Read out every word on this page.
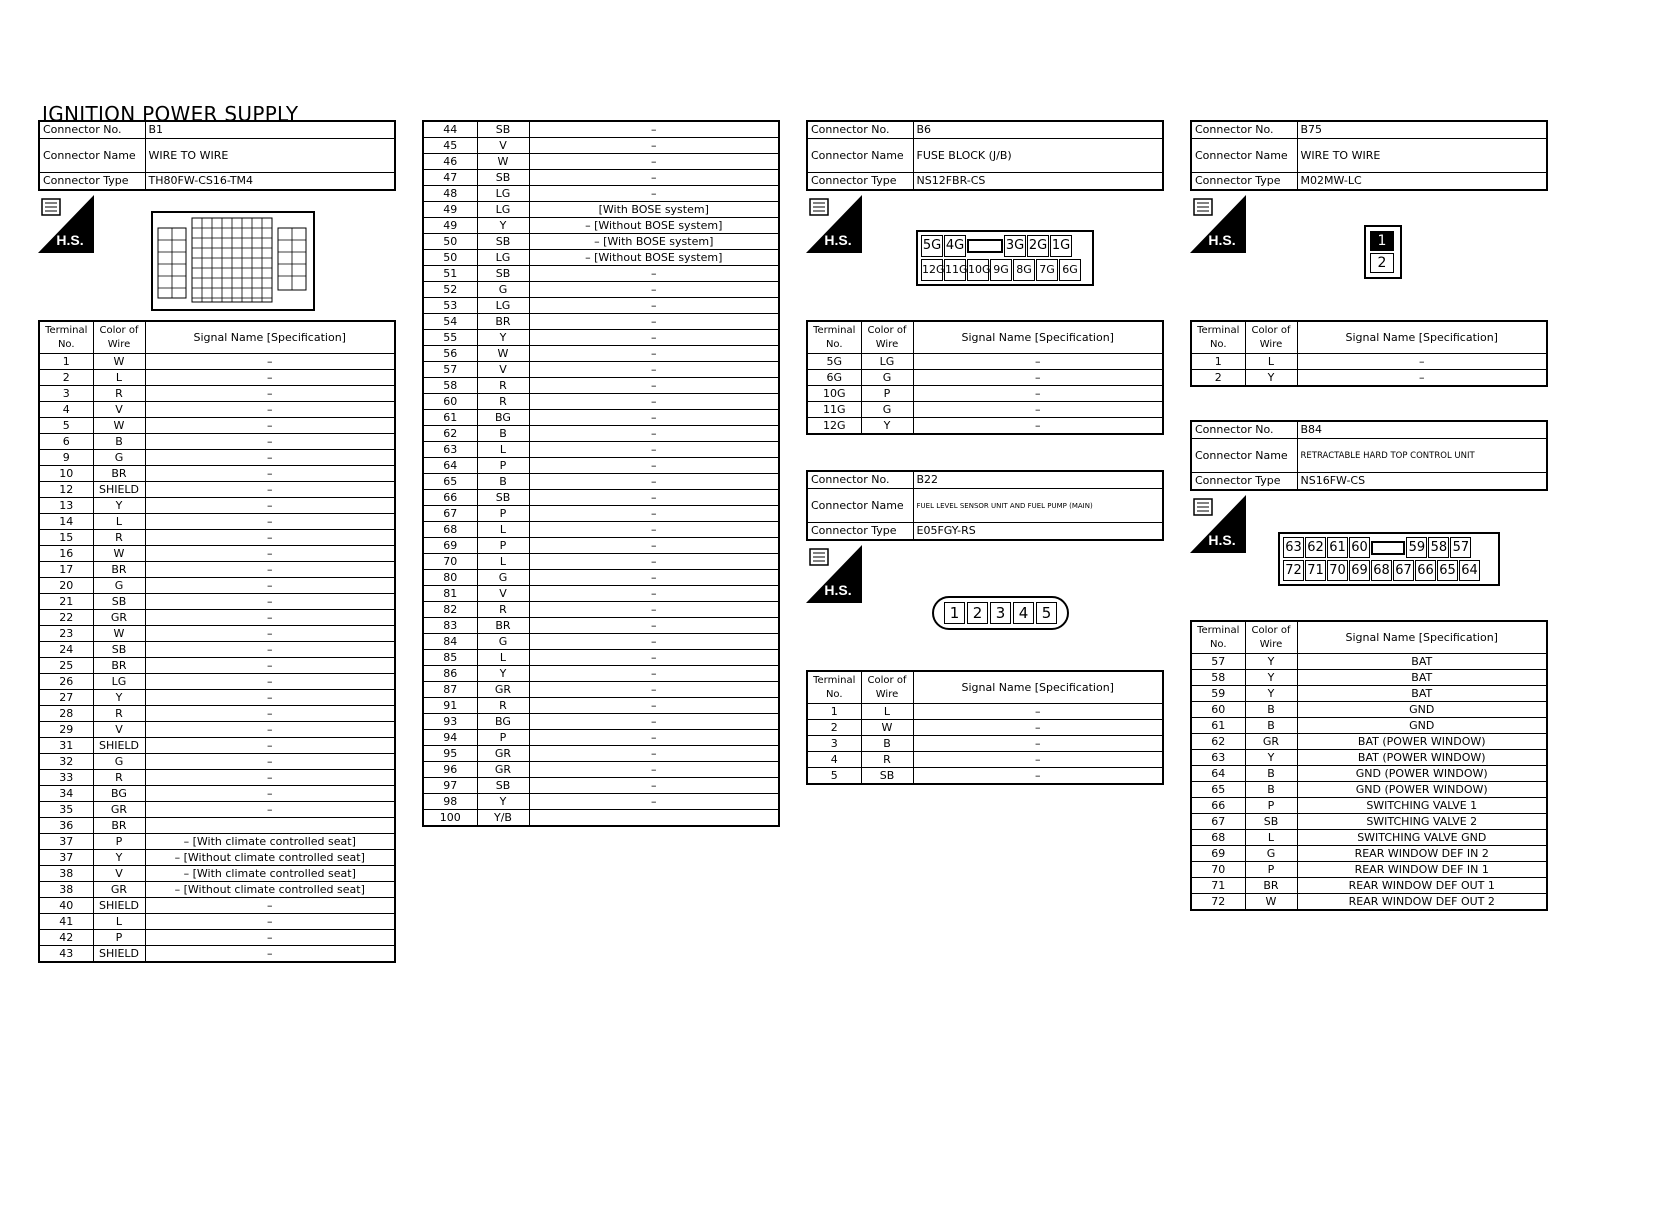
IGNITION POWER SUPPLY
Connector No.	B1
Connector Name	WIRE TO WIRE
Connector Type	TH80FW-CS16-TM4
H.S.
Terminal No.	Color of Wire	Signal Name [Specification]
1	W	–
2	L	–
3	R	–
4	V	–
5	W	–
6	B	–
9	G	–
10	BR	–
12	SHIELD	–
13	Y	–
14	L	–
15	R	–
16	W	–
17	BR	–
20	G	–
21	SB	–
22	GR	–
23	W	–
24	SB	–
25	BR	–
26	LG	–
27	Y	–
28	R	–
29	V	–
31	SHIELD	–
32	G	–
33	R	–
34	BG	–
35	GR	–
36	BR	
37	P	– [With climate controlled seat]
37	Y	– [Without climate controlled seat]
38	V	– [With climate controlled seat]
38	GR	– [Without climate controlled seat]
40	SHIELD	–
41	L	–
42	P	–
43	SHIELD	–
44	SB	–
45	V	–
46	W	–
47	SB	–
48	LG	–
49	LG	[With BOSE system]
49	Y	– [Without BOSE system]
50	SB	– [With BOSE system]
50	LG	– [Without BOSE system]
51	SB	–
52	G	–
53	LG	–
54	BR	–
55	Y	–
56	W	–
57	V	–
58	R	–
60	R	–
61	BG	–
62	B	–
63	L	–
64	P	–
65	B	–
66	SB	–
67	P	–
68	L	–
69	P	–
70	L	–
80	G	–
81	V	–
82	R	–
83	BR	–
84	G	–
85	L	–
86	Y	–
87	GR	–
91	R	–
93	BG	–
94	P	–
95	GR	–
96	GR	–
97	SB	–
98	Y	–
100	Y/B	
Connector No.	B6
Connector Name	FUSE BLOCK (J/B)
Connector Type	NS12FBR-CS
H.S.	5G 4G	3G 2G 1G
12G 11G 10G 9G 8G 7G 6G
Terminal No.	Color of Wire	Signal Name [Specification]
5G	LG	–
6G	G	–
10G	P	–
11G	G	–
12G	Y	–
Connector No.	B22
Connector Name	FUEL LEVEL SENSOR UNIT AND FUEL PUMP (MAIN)
Connector Type	E05FGY-RS
H.S.
1 2 3 4 5
Terminal No.	Color of Wire	Signal Name [Specification]
1	L	–
2	W	–
3	B	–
4	R	–
5	SB	–
Connector No.	B75
Connector Name	WIRE TO WIRE
Connector Type	M02MW-LC
H.S.	1
2
Terminal No.	Color of Wire	Signal Name [Specification]
1	L	–
2	Y	–
Connector No.	B84
Connector Name	RETRACTABLE HARD TOP CONTROL UNIT
Connector Type	NS16FW-CS
H.S.	63 62 61 60	59 58 57
72 71 70 69 68 67 66 65 64
Terminal No.	Color of Wire	Signal Name [Specification]
57	Y	BAT
58	Y	BAT
59	Y	BAT
60	B	GND
61	B	GND
62	GR	BAT (POWER WINDOW)
63	Y	BAT (POWER WINDOW)
64	B	GND (POWER WINDOW)
65	B	GND (POWER WINDOW)
66	P	SWITCHING VALVE 1
67	SB	SWITCHING VALVE 2
68	L	SWITCHING VALVE GND
69	G	REAR WINDOW DEF IN 2
70	P	REAR WINDOW DEF IN 1
71	BR	REAR WINDOW DEF OUT 1
72	W	REAR WINDOW DEF OUT 2
